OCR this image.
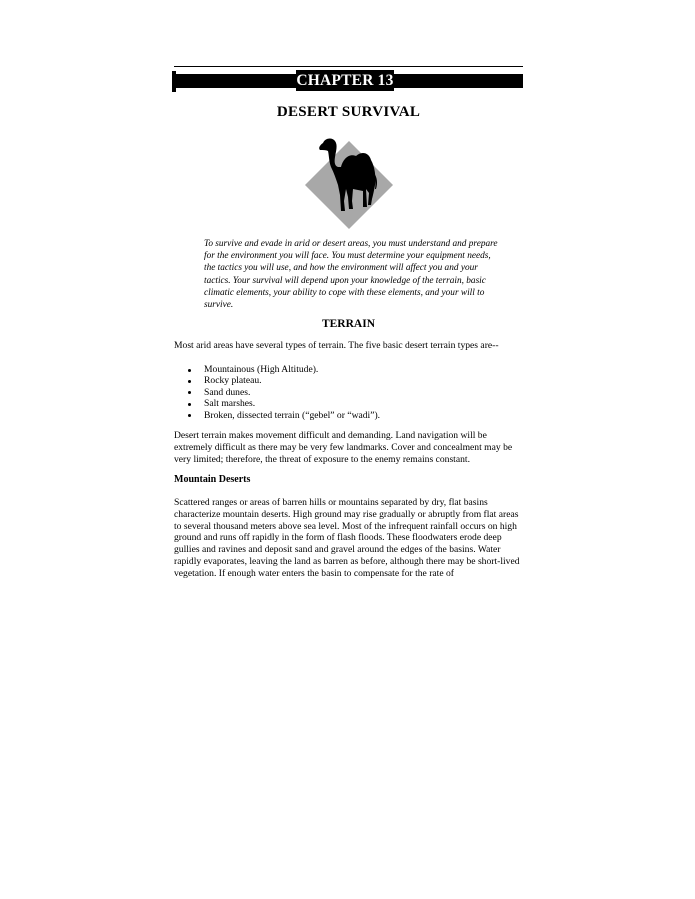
CHAPTER 13
DESERT SURVIVAL
To survive and evade in arid or desert areas, you must understand and prepare for the environment you will face. You must determine your equipment needs, the tactics you will use, and how the environment will affect you and your tactics. Your survival will depend upon your knowledge of the terrain, basic climatic elements, your ability to cope with these elements, and your will to survive.
TERRAIN
Most arid areas have several types of terrain. The five basic desert terrain types are--
Mountainous (High Altitude).
Rocky plateau.
Sand dunes.
Salt marshes.
Broken, dissected terrain (“gebel” or “wadi”).
Desert terrain makes movement difficult and demanding. Land navigation will be extremely difficult as there may be very few landmarks. Cover and concealment may be very limited; therefore, the threat of exposure to the enemy remains constant.
Mountain Deserts
Scattered ranges or areas of barren hills or mountains separated by dry, flat basins characterize mountain deserts. High ground may rise gradually or abruptly from flat areas to several thousand meters above sea level. Most of the infrequent rainfall occurs on high ground and runs off rapidly in the form of flash floods. These floodwaters erode deep gullies and ravines and deposit sand and gravel around the edges of the basins. Water rapidly evaporates, leaving the land as barren as before, although there may be short-lived vegetation. If enough water enters the basin to compensate for the rate of
